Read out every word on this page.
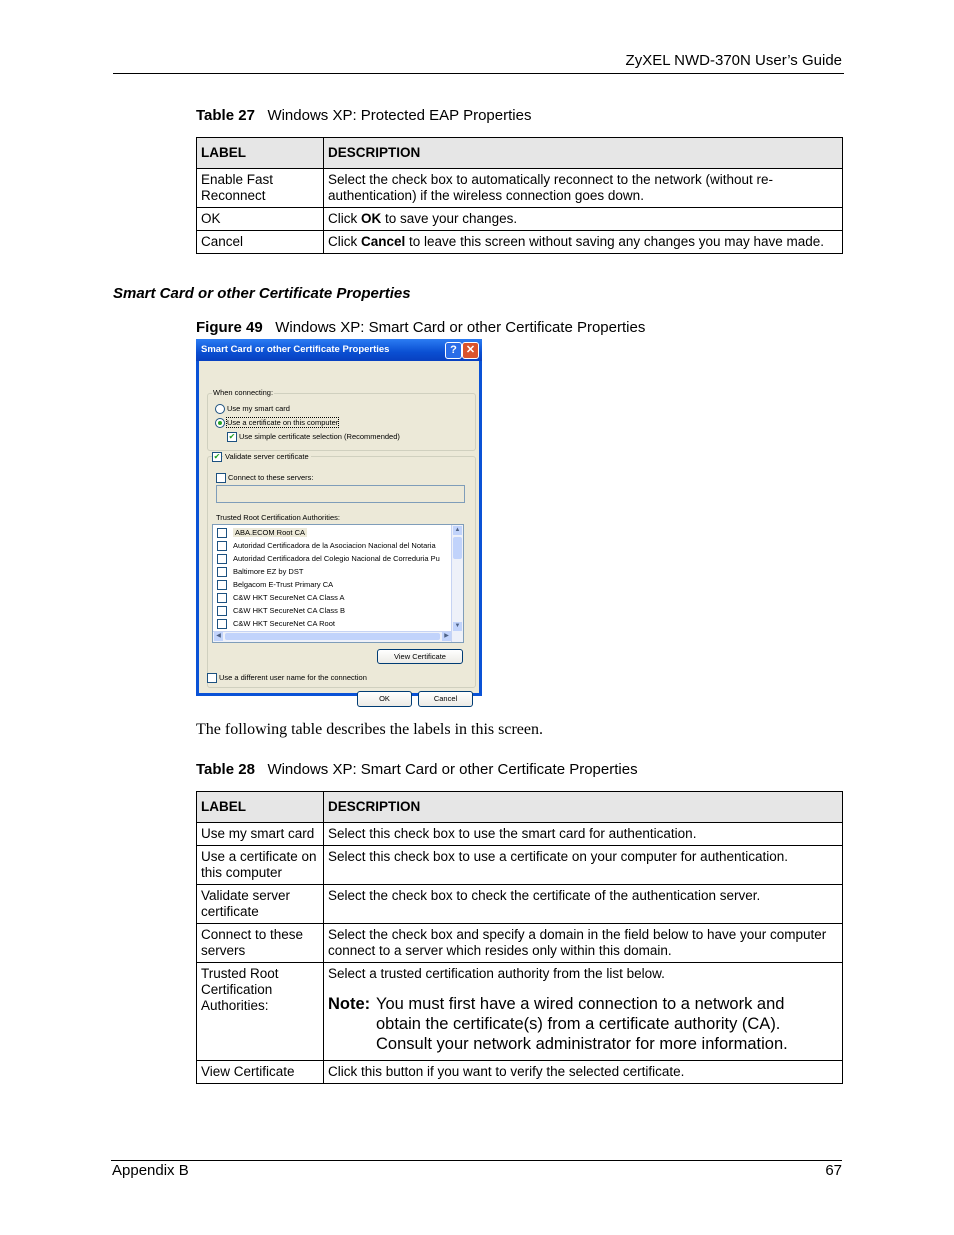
ZyXEL NWD-370N User’s Guide
Table 27 Windows XP: Protected EAP Properties
LABEL	DESCRIPTION
Enable Fast Reconnect	Select the check box to automatically reconnect to the network (without re-authentication) if the wireless connection goes down.
OK	Click OK to save your changes.
Cancel	Click Cancel to leave this screen without saving any changes you may have made.
Smart Card or other Certificate Properties
Figure 49 Windows XP: Smart Card or other Certificate Properties
Smart Card or other Certificate Properties	? ✕
When connecting:
Use my smart card
Use a certificate on this computer
✔ Use simple certificate selection (Recommended)
✔ Validate server certificate
Connect to these servers:
Trusted Root Certification Authorities:
ABA.ECOM Root CA
Autoridad Certificadora de la Asociacion Nacional del Notaria
Autoridad Certificadora del Colegio Nacional de Correduria Pu
Baltimore EZ by DST
Belgacom E-Trust Primary CA
C&W HKT SecureNet CA Class A
C&W HKT SecureNet CA Class B
C&W HKT SecureNet CA Root
▲
▼
◀	▶
View Certificate
Use a different user name for the connection
OK	Cancel
The following table describes the labels in this screen.
Table 28 Windows XP: Smart Card or other Certificate Properties
LABEL	DESCRIPTION
Use my smart card	Select this check box to use the smart card for authentication.
Use a certificate on this computer	Select this check box to use a certificate on your computer for authentication.
Validate server certificate	Select the check box to check the certificate of the authentication server.
Connect to these servers	Select the check box and specify a domain in the field below to have your computer connect to a server which resides only within this domain.
Trusted Root Certification Authorities:	Select a trusted certification authority from the list below.
Note: You must first have a wired connection to a network and obtain the certificate(s) from a certificate authority (CA). Consult your network administrator for more information.

View Certificate	Click this button if you want to verify the selected certificate.
Appendix B	67
